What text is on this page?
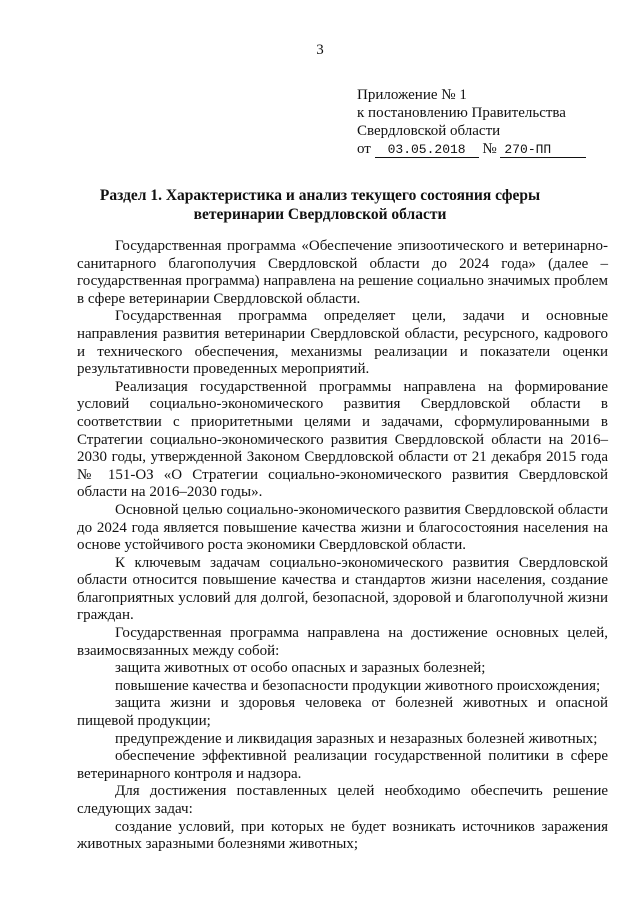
3
Приложение № 1
к постановлению Правительства
Свердловской области
от 03.05.2018 № 270-ПП
Раздел 1. Характеристика и анализ текущего состояния сферы
ветеринарии Свердловской области

Государственная программа «Обеспечение эпизоотического и ветеринарно-санитарного благополучия Свердловской области до 2024 года» (далее – государственная программа) направлена на решение социально значимых проблем в сфере ветеринарии Свердловской области.

Государственная программа определяет цели, задачи и основные направления развития ветеринарии Свердловской области, ресурсного, кадрового и технического обеспечения, механизмы реализации и показатели оценки результативности проведенных мероприятий.

Реализация государственной программы направлена на формирование условий социально-экономического развития Свердловской области в соответствии с приоритетными целями и задачами, сформулированными в Стратегии социально-экономического развития Свердловской области на 2016–2030 годы, утвержденной Законом Свердловской области от 21 декабря 2015 года № 151-ОЗ «О Стратегии социально-экономического развития Свердловской области на 2016–2030 годы».

Основной целью социально-экономического развития Свердловской области до 2024 года является повышение качества жизни и благосостояния населения на основе устойчивого роста экономики Свердловской области.

К ключевым задачам социально-экономического развития Свердловской области относится повышение качества и стандартов жизни населения, создание благоприятных условий для долгой, безопасной, здоровой и благополучной жизни граждан.

Государственная программа направлена на достижение основных целей, взаимосвязанных между собой:

защита животных от особо опасных и заразных болезней;

повышение качества и безопасности продукции животного происхождения;

защита жизни и здоровья человека от болезней животных и опасной пищевой продукции;

предупреждение и ликвидация заразных и незаразных болезней животных;

обеспечение эффективной реализации государственной политики в сфере ветеринарного контроля и надзора.

Для достижения поставленных целей необходимо обеспечить решение следующих задач:

создание условий, при которых не будет возникать источников заражения животных заразными болезнями животных;
